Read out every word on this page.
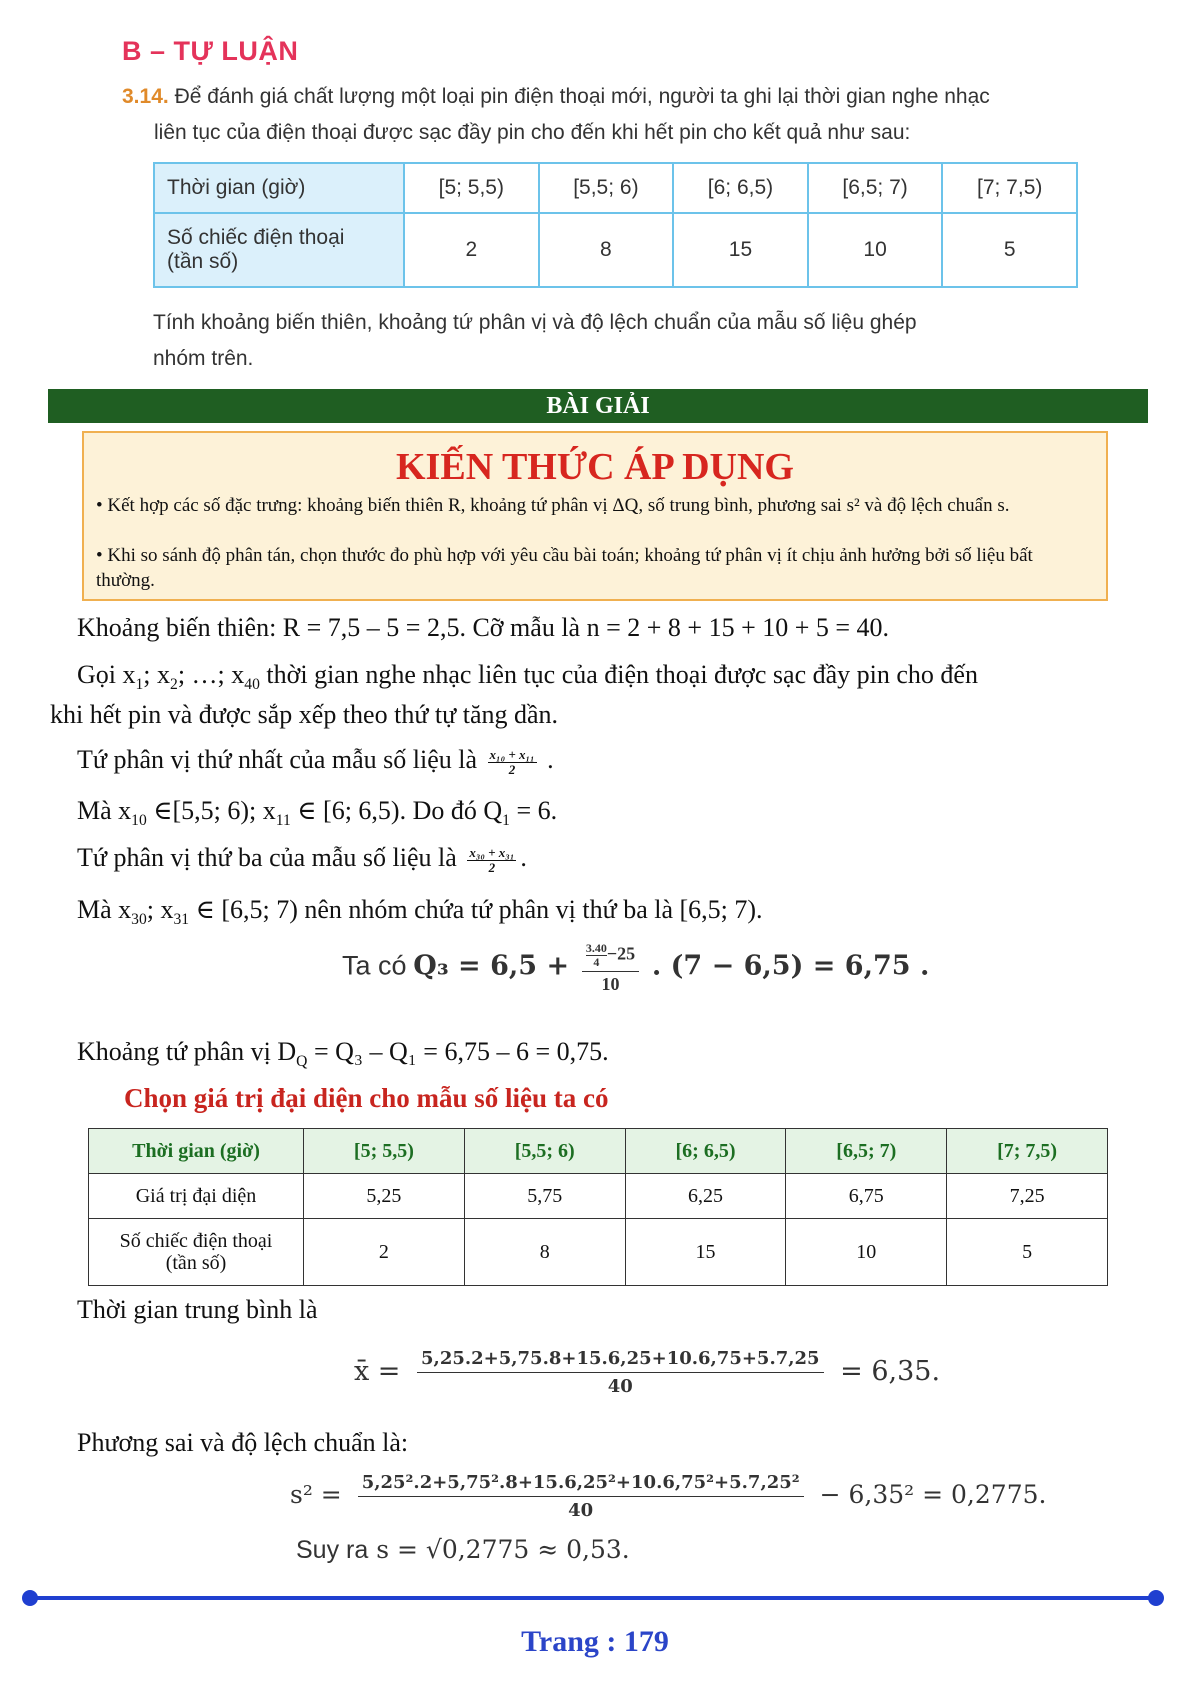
B – TỰ LUẬN
3.14. Để đánh giá chất lượng một loại pin điện thoại mới, người ta ghi lại thời gian nghe nhạc
liên tục của điện thoại được sạc đầy pin cho đến khi hết pin cho kết quả như sau:
Thời gian (giờ)	[5; 5,5)	[5,5; 6)	[6; 6,5)	[6,5; 7)	[7; 7,5)
Số chiếc điện thoại
(tần số)	2	8	15	10	5
Tính khoảng biến thiên, khoảng tứ phân vị và độ lệch chuẩn của mẫu số liệu ghép
nhóm trên.
BÀI GIẢI
KIẾN THỨC ÁP DỤNG
• Kết hợp các số đặc trưng: khoảng biến thiên R, khoảng tứ phân vị ΔQ, số trung bình, phương sai s² và độ lệch chuẩn s.
• Khi so sánh độ phân tán, chọn thước đo phù hợp với yêu cầu bài toán; khoảng tứ phân vị ít chịu ảnh hưởng bởi số liệu bất thường.
Khoảng biến thiên: R = 7,5 – 5 = 2,5. Cỡ mẫu là n = 2 + 8 + 15 + 10 + 5 = 40.
Gọi $x_1$; $x_2$; …; $x_{40}$ thời gian nghe nhạc liên tục của điện thoại được sạc đầy pin cho đến
khi hết pin và được sắp xếp theo thứ tự tăng dần.
Tứ phân vị thứ nhất của mẫu số liệu là $\frac{\text{x₁₀ + x₁₁}}{2}$ .
Mà $x_{10}$ ∈[5,5; 6); $x_{11}$ ∈ [6; 6,5). Do đó $Q_1 = 6$.
Tứ phân vị thứ ba của mẫu số liệu là $\frac{\text{x₃₀ + x₃₁}}{2}$ .
Mà $x_{30}$; $x_{31}$ ∈ [6,5; 7) nên nhóm chứa tứ phân vị thứ ba là [6,5; 7).
Ta có $Q_3 = 6,5 + \frac{\frac{3.40}{4}-25}{10}$ . (7 − 6,5) = 6,75 .
Khoảng tứ phân vị $D_Q = Q_3 - Q_1 = 6,75 - 6 = 0,75$.
Chọn giá trị đại diện cho mẫu số liệu ta có
Thời gian (giờ)	[5; 5,5)	[5,5; 6)	[6; 6,5)	[6,5; 7)	[7; 7,5)
Giá trị đại diện	5,25	5,75	6,25	6,75	7,25
Số chiếc điện thoại
(tần số)	2	8	15	10	5
Thời gian trung bình là
x̄ = $\frac{5,25.2+5,75.8+15.6,25+10.6,75+5.7,25}{40} = 6,35$.
Phương sai và độ lệch chuẩn là:
$s^2 = \frac{\text{5,25².2+5,75².8+15.6,25²+10.6,75²+5.7,25²}}{40} - 6,35^2 = 0,2775$.
Suy ra s = √0,2775 ≈ 0,53.
Trang : 179
